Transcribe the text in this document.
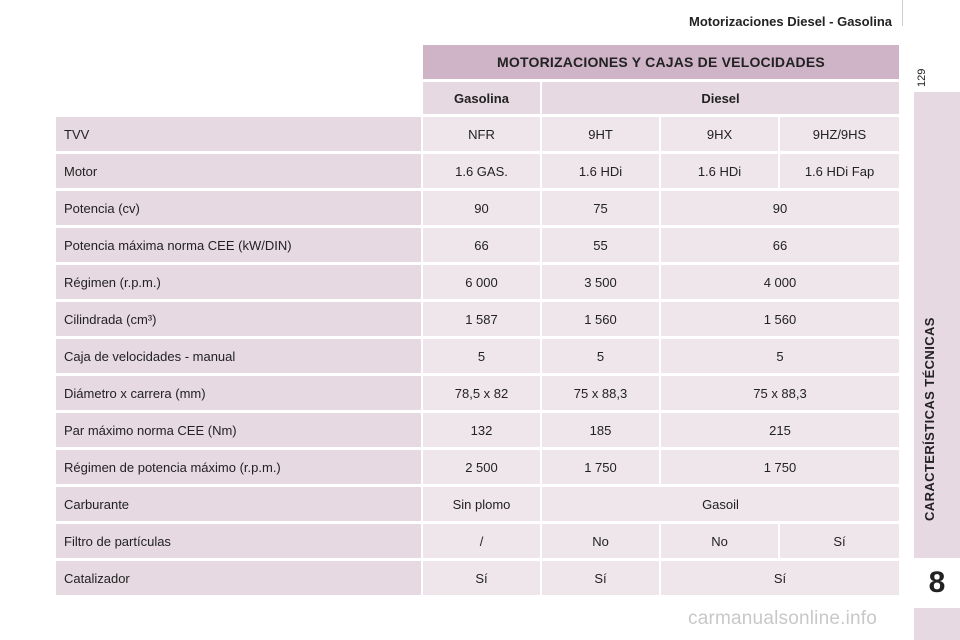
Motorizaciones Diesel - Gasolina
129
CARACTERÍSTICAS TÉCNICAS
8
	MOTORIZACIONES Y CAJAS DE VELOCIDADES			
	Gasolina	Diesel		
TVV	NFR	9HT	9HX	9HZ/9HS
Motor	1.6 GAS.	1.6 HDi	1.6 HDi	1.6 HDi Fap
Potencia (cv)	90	75	90	
Potencia máxima norma CEE (kW/DIN)	66	55	66	
Régimen (r.p.m.)	6 000	3 500	4 000	
Cilindrada (cm³)	1 587	1 560	1 560	
Caja de velocidades - manual	5	5	5	
Diámetro x carrera (mm)	78,5 x 82	75 x 88,3	75 x 88,3	
Par máximo norma CEE (Nm)	132	185	215	
Régimen de potencia máximo (r.p.m.)	2 500	1 750	1 750	
Carburante	Sin plomo	Gasoil		
Filtro de partículas	/	No	No	Sí
Catalizador	Sí	Sí	Sí	
carmanualsonline.info
